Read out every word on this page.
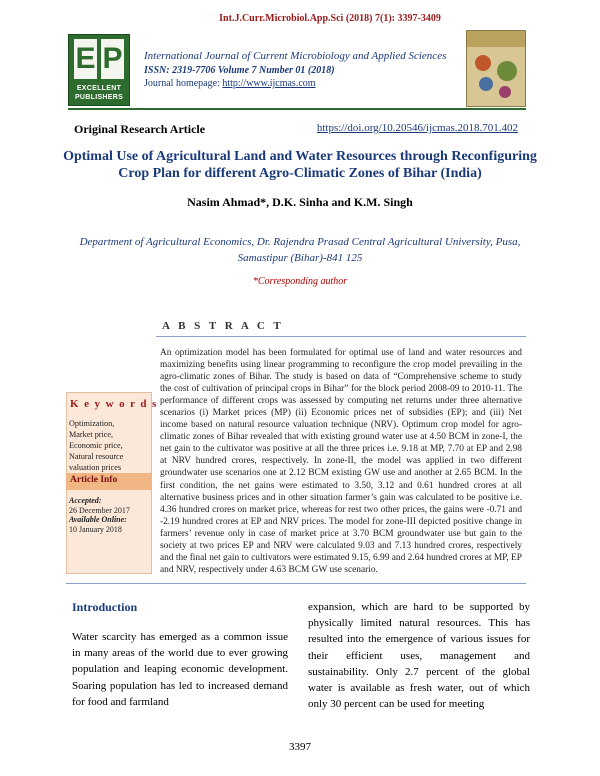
Int.J.Curr.Microbiol.App.Sci (2018) 7(1): 3397-3409
E P
EXCELLENT
PUBLISHERS
International Journal of Current Microbiology and Applied Sciences
ISSN: 2319-7706 Volume 7 Number 01 (2018)
Journal homepage: http://www.ijcmas.com
Original Research Article	https://doi.org/10.20546/ijcmas.2018.701.402
Optimal Use of Agricultural Land and Water Resources through Reconfiguring Crop Plan for different Agro-Climatic Zones of Bihar (India)
Nasim Ahmad*, D.K. Sinha and K.M. Singh
Department of Agricultural Economics, Dr. Rajendra Prasad Central Agricultural University, Pusa, Samastipur (Bihar)-841 125
*Corresponding author
A B S T R A C T
An optimization model has been formulated for optimal use of land and water resources and maximizing benefits using linear programming to reconfigure the crop model prevailing in the agro-climatic zones of Bihar. The study is based on data of “Comprehensive scheme to study the cost of cultivation of principal crops in Bihar” for the block period 2008-09 to 2010-11. The performance of different crops was assessed by computing net returns under three alternative scenarios (i) Market prices (MP) (ii) Economic prices net of subsidies (EP); and (iii) Net income based on natural resource valuation technique (NRV). Optimum crop model for agro-climatic zones of Bihar revealed that with existing ground water use at 4.50 BCM in zone-I, the net gain to the cultivator was positive at all the three prices i.e. 9.18 at MP, 7.70 at EP and 2.98 at NRV hundred crores, respectively. In zone-II, the model was applied in two different groundwater use scenarios one at 2.12 BCM existing GW use and another at 2.65 BCM. In the first condition, the net gains were estimated to 3.50, 3.12 and 0.61 hundred crores at all alternative business prices and in other situation farmer’s gain was calculated to be positive i.e. 4.36 hundred crores on market price, whereas for rest two other prices, the gains were -0.71 and -2.19 hundred crores at EP and NRV prices. The model for zone-III depicted positive change in farmers’ revenue only in case of market price at 3.70 BCM groundwater use but gain to the society at two prices EP and NRV were calculated 9.03 and 7.13 hundred crores, respectively and the final net gain to cultivators were estimated 9.15, 6.99 and 2.64 hundred crores at MP, EP and NRV, respectively under 4.63 BCM GW use scenario.
K e y w o r d s
Optimization,
Market price,
Economic price,
Natural resource
valuation prices
Article Info
Accepted:
26 December 2017
Available Online:
10 January 2018
Introduction
Water scarcity has emerged as a common issue in many areas of the world due to ever growing population and leaping economic development. Soaring population has led to increased demand for food and farmland
expansion, which are hard to be supported by physically limited natural resources. This has resulted into the emergence of various issues for their efficient uses, management and sustainability. Only 2.7 percent of the global water is available as fresh water, out of which only 30 percent can be used for meeting
3397
